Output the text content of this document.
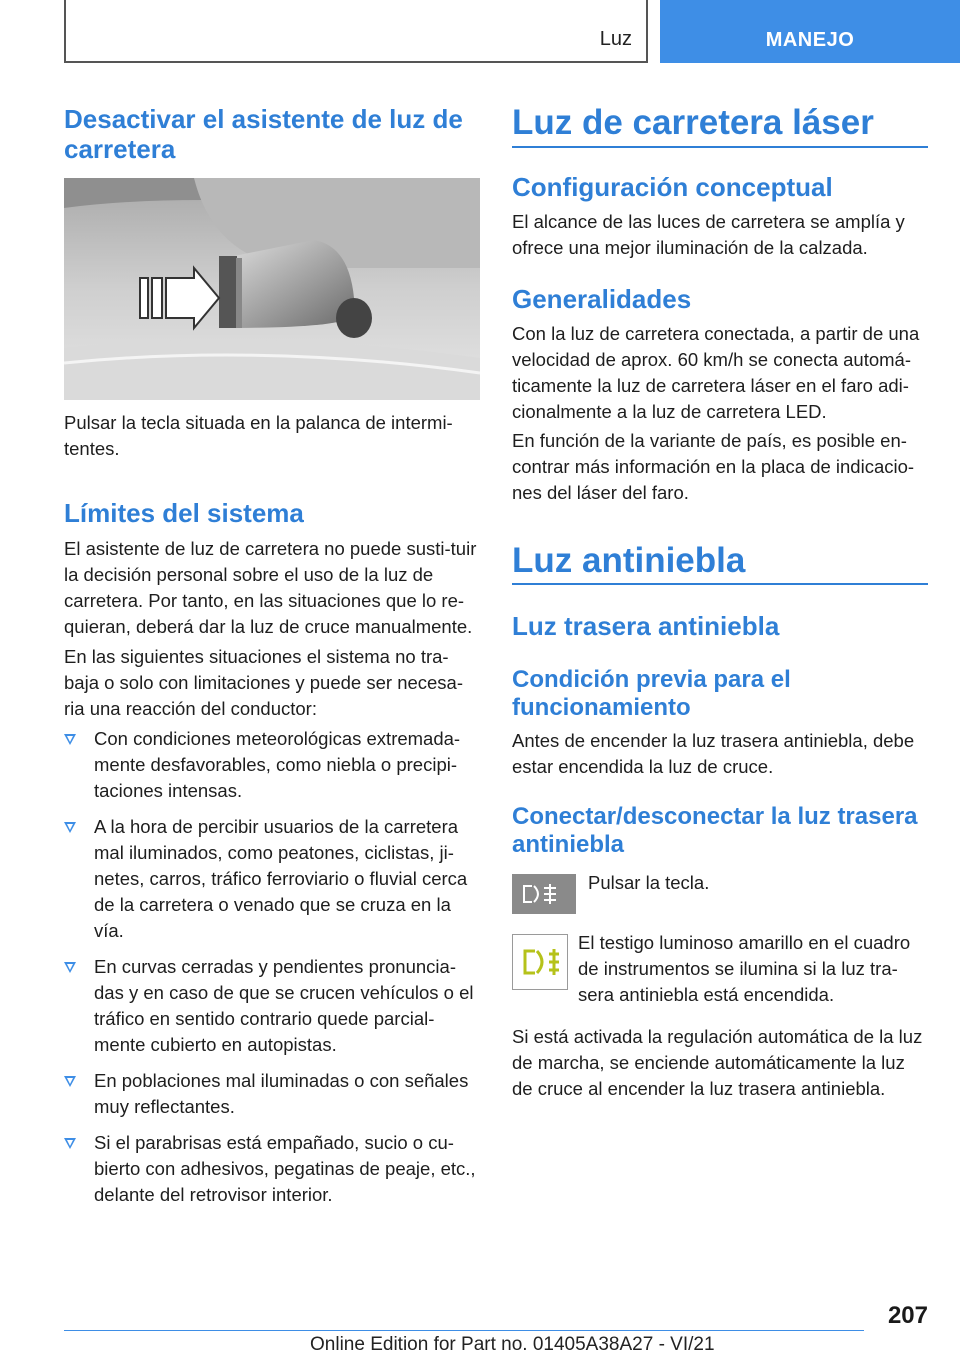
Luz	MANEJO
Desactivar el asistente de luz de carretera

Pulsar la tecla situada en la palanca de intermi-tentes.

Límites del sistema

El asistente de luz de carretera no puede susti-tuir la decisión personal sobre el uso de la luz de carretera. Por tanto, en las situaciones que lo re-quieran, deberá dar la luz de cruce manualmente.

En las siguientes situaciones el sistema no tra-baja o solo con limitaciones y puede ser necesa-ria una reacción del conductor:

Con condiciones meteorológicas extremada-mente desfavorables, como niebla o precipi-taciones intensas.
A la hora de percibir usuarios de la carretera mal iluminados, como peatones, ciclistas, ji-netes, carros, tráfico ferroviario o fluvial cerca de la carretera o venado que se cruza en la vía.
En curvas cerradas y pendientes pronuncia-das y en caso de que se crucen vehículos o el tráfico en sentido contrario quede parcial-mente cubierto en autopistas.
En poblaciones mal iluminadas o con señales muy reflectantes.
Si el parabrisas está empañado, sucio o cu-bierto con adhesivos, pegatinas de peaje, etc., delante del retrovisor interior.
Luz de carretera láser
Configuración conceptual

El alcance de las luces de carretera se amplía y ofrece una mejor iluminación de la calzada.

Generalidades

Con la luz de carretera conectada, a partir de una velocidad de aprox. 60 km/h se conecta automá-ticamente la luz de carretera láser en el faro adi-cionalmente a la luz de carretera LED.

En función de la variante de país, es posible en-contrar más información en la placa de indicacio-nes del láser del faro.

Luz antiniebla
Luz trasera antiniebla
Condición previa para el funcionamiento

Antes de encender la luz trasera antiniebla, debe estar encendida la luz de cruce.

Conectar/desconectar la luz trasera antiniebla

Pulsar la tecla.

El testigo luminoso amarillo en el cuadro de instrumentos se ilumina si la luz tra-sera antiniebla está encendida.

Si está activada la regulación automática de la luz de marcha, se enciende automáticamente la luz de cruce al encender la luz trasera antiniebla.

207
Online Edition for Part no. 01405A38A27 - VI/21
